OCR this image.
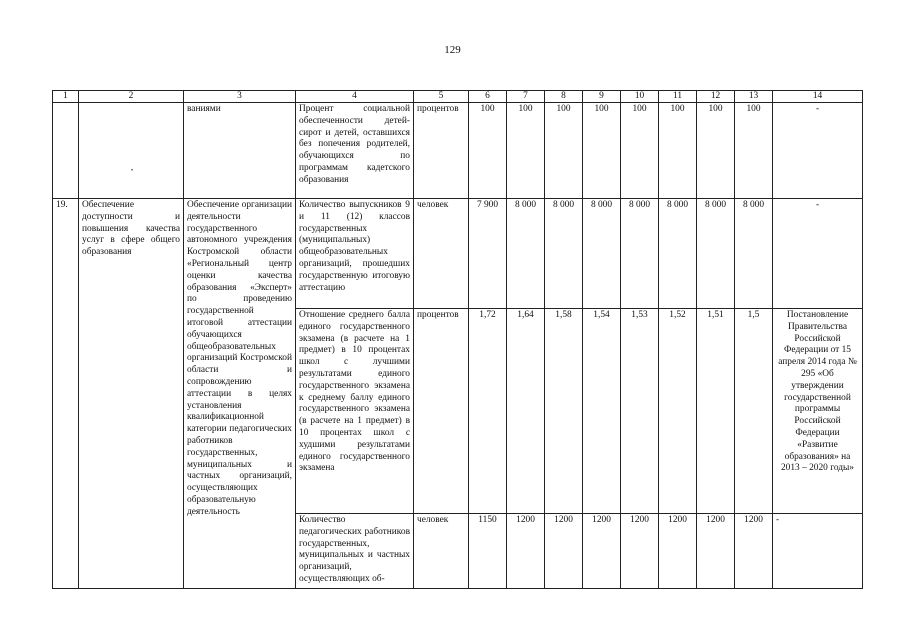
129
1	2	3	4	5	6	7	8	9	10	11	12	13	14
		ваниями	Процент социальной обеспеченности детей-сирот и детей, оставшихся без попечения родителей, обучающихся по программам кадетского образования	процентов	100	100	100	100	100	100	100	100	-
19.	Обеспечение доступности и повышения качества услуг в сфере общего образования	Обеспечение организации деятельности государственного автономного учреждения Костромской области «Региональный центр оценки качества образования «Эксперт» по проведению государственной итоговой аттестации обучающихся общеобразовательных организаций Костромской области и сопровождению аттестации в целях установления квалификационной категории педагогических работников государственных, муниципальных и частных организаций, осуществляющих образовательную деятельность	Количество выпускников 9 и 11 (12) классов государственных (муниципальных) общеобразовательных организаций, прошедших государственную итоговую аттестацию	человек	7 900	8 000	8 000	8 000	8 000	8 000	8 000	8 000	-
			Отношение среднего балла единого государственного экзамена (в расчете на 1 предмет) в 10 процентах школ с лучшими результатами единого государственного экзамена к среднему баллу единого государственного экзамена (в расчете на 1 предмет) в 10 процентах школ с худшими результатами единого государственного экзамена	процентов	1,72	1,64	1,58	1,54	1,53	1,52	1,51	1,5	Постановление Правительства Российской Федерации от 15 апреля 2014 года № 295 «Об утверждении государственной программы Российской Федерации «Развитие образования» на 2013 – 2020 годы»
			Количество педагогических работников государственных, муниципальных и частных организаций, осуществляющих об-	человек	1150	1200	1200	1200	1200	1200	1200	1200	-
•
